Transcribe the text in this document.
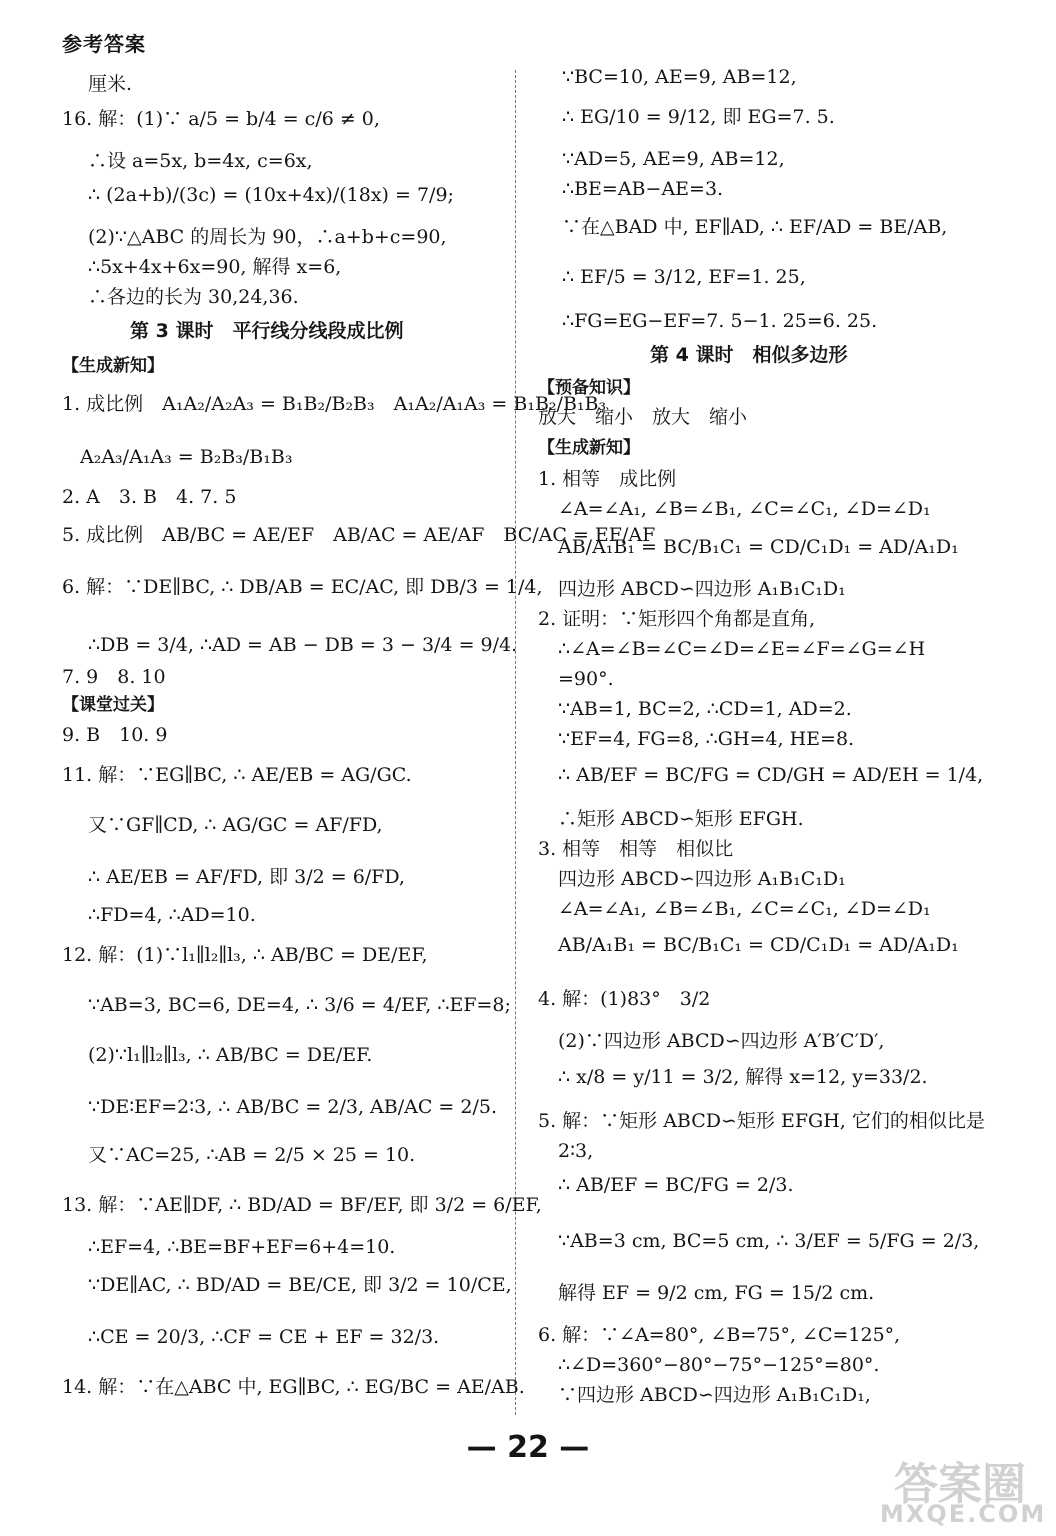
参考答案
厘米.
16. 解：(1)∵ a/5 = b/4 = c/6 ≠ 0,
∴设 a=5x, b=4x, c=6x,
∴ (2a+b)/(3c) = (10x+4x)/(18x) = 7/9;
(2)∵△ABC 的周长为 90，∴a+b+c=90,
∴5x+4x+6x=90, 解得 x=6,
∴各边的长为 30,24,36.
第 3 课时　平行线分线段成比例
【生成新知】
1. 成比例　A₁A₂/A₂A₃ = B₁B₂/B₂B₃　A₁A₂/A₁A₃ = B₁B₂/B₁B₃
A₂A₃/A₁A₃ = B₂B₃/B₁B₃
2. A　3. B　4. 7. 5
5. 成比例　AB/BC = AE/EF　AB/AC = AE/AF　BC/AC = EF/AF
6. 解：∵DE∥BC, ∴ DB/AB = EC/AC, 即 DB/3 = 1/4,
∴DB = 3/4, ∴AD = AB − DB = 3 − 3/4 = 9/4.
7. 9　8. 10
【课堂过关】
9. B　10. 9
11. 解：∵EG∥BC, ∴ AE/EB = AG/GC.
又∵GF∥CD, ∴ AG/GC = AF/FD,
∴ AE/EB = AF/FD, 即 3/2 = 6/FD,
∴FD=4, ∴AD=10.
12. 解：(1)∵l₁∥l₂∥l₃, ∴ AB/BC = DE/EF,
∵AB=3, BC=6, DE=4, ∴ 3/6 = 4/EF, ∴EF=8;
(2)∵l₁∥l₂∥l₃, ∴ AB/BC = DE/EF.
∵DE∶EF=2∶3, ∴ AB/BC = 2/3, AB/AC = 2/5.
又∵AC=25, ∴AB = 2/5 × 25 = 10.
13. 解：∵AE∥DF, ∴ BD/AD = BF/EF, 即 3/2 = 6/EF,
∴EF=4, ∴BE=BF+EF=6+4=10.
∵DE∥AC, ∴ BD/AD = BE/CE, 即 3/2 = 10/CE,
∴CE = 20/3, ∴CF = CE + EF = 32/3.
14. 解：∵在△ABC 中, EG∥BC, ∴ EG/BC = AE/AB.
∵BC=10, AE=9, AB=12,
∴ EG/10 = 9/12, 即 EG=7. 5.
∵AD=5, AE=9, AB=12,
∴BE=AB−AE=3.
∵在△BAD 中, EF∥AD, ∴ EF/AD = BE/AB,
∴ EF/5 = 3/12, EF=1. 25,
∴FG=EG−EF=7. 5−1. 25=6. 25.
第 4 课时　相似多边形
【预备知识】
放大　缩小　放大　缩小
【生成新知】
1. 相等　成比例
∠A=∠A₁, ∠B=∠B₁, ∠C=∠C₁, ∠D=∠D₁
AB/A₁B₁ = BC/B₁C₁ = CD/C₁D₁ = AD/A₁D₁
四边形 ABCD∽四边形 A₁B₁C₁D₁
2. 证明：∵矩形四个角都是直角,
∴∠A=∠B=∠C=∠D=∠E=∠F=∠G=∠H
=90°.
∵AB=1, BC=2, ∴CD=1, AD=2.
∵EF=4, FG=8, ∴GH=4, HE=8.
∴ AB/EF = BC/FG = CD/GH = AD/EH = 1/4,
∴矩形 ABCD∽矩形 EFGH.
3. 相等　相等　相似比
四边形 ABCD∽四边形 A₁B₁C₁D₁
∠A=∠A₁, ∠B=∠B₁, ∠C=∠C₁, ∠D=∠D₁
AB/A₁B₁ = BC/B₁C₁ = CD/C₁D₁ = AD/A₁D₁
4. 解：(1)83°　3/2
(2)∵四边形 ABCD∽四边形 A′B′C′D′,
∴ x/8 = y/11 = 3/2, 解得 x=12, y=33/2.
5. 解：∵矩形 ABCD∽矩形 EFGH, 它们的相似比是
2∶3,
∴ AB/EF = BC/FG = 2/3.
∵AB=3 cm, BC=5 cm, ∴ 3/EF = 5/FG = 2/3,
解得 EF = 9/2 cm, FG = 15/2 cm.
6. 解：∵∠A=80°, ∠B=75°, ∠C=125°,
∴∠D=360°−80°−75°−125°=80°.
∵四边形 ABCD∽四边形 A₁B₁C₁D₁,
— 22 —
答案圈
MXQE.COM
